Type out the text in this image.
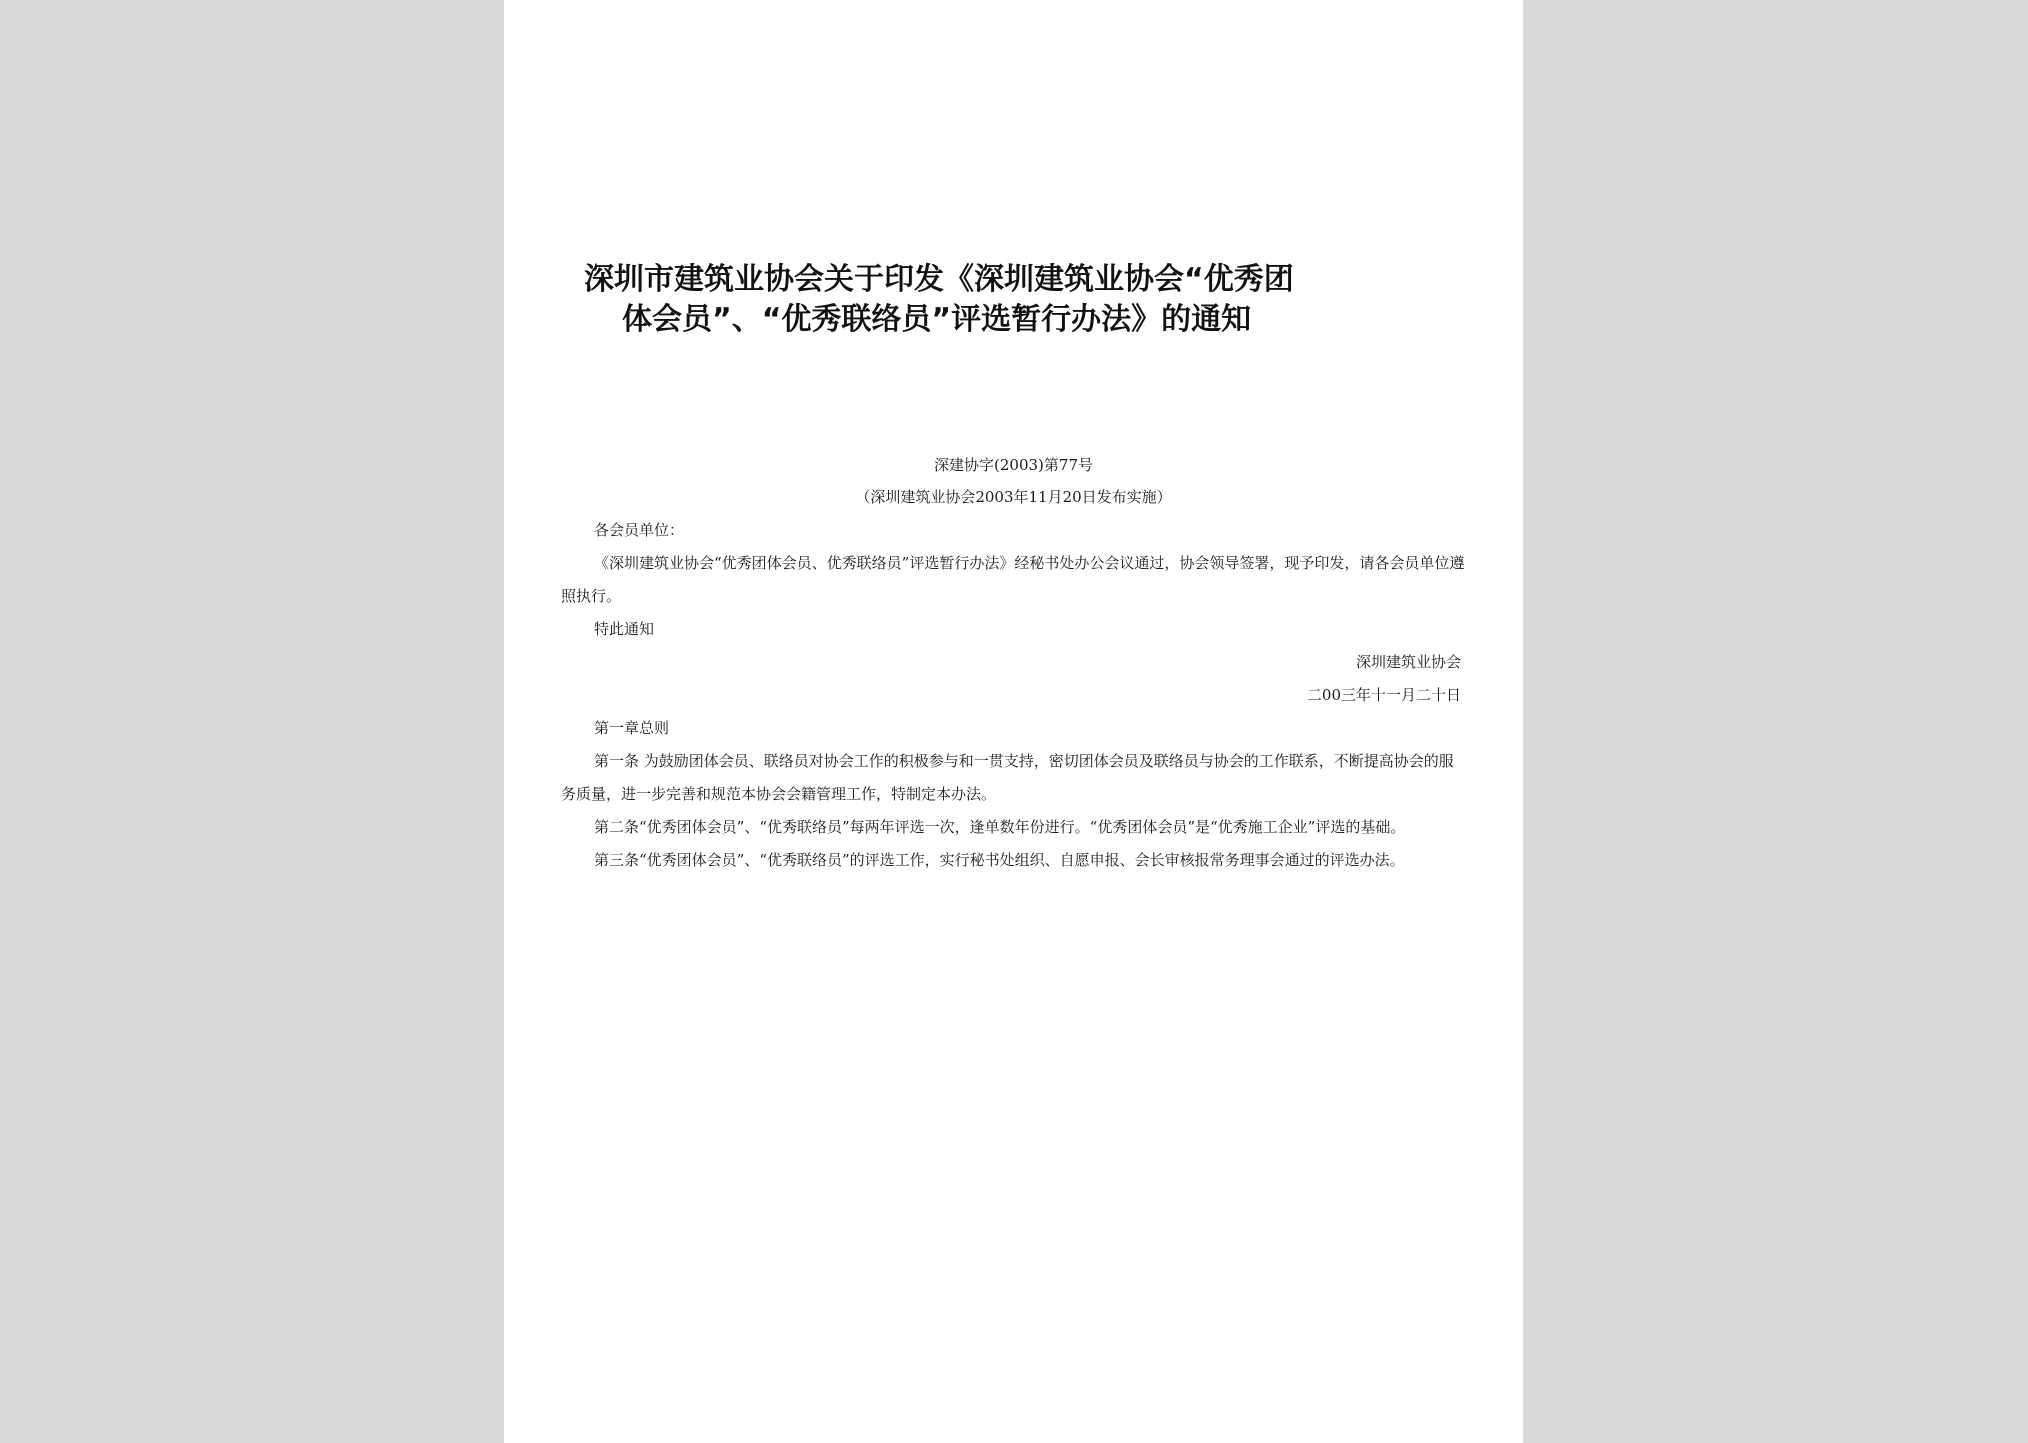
深圳市建筑业协会关于印发《深圳建筑业协会“优秀团
体会员”、“优秀联络员”评选暂行办法》的通知
深建协字(2003)第77号
（深圳建筑业协会2003年11月20日发布实施）

各会员单位：

《深圳建筑业协会“优秀团体会员、优秀联络员”评选暂行办法》经秘书处办公会议通过，协会领导签署，现予印发，请各会员单位遵照执行。

特此通知

深圳建筑业协会

二00三年十一月二十日

第一章总则

第一条 为鼓励团体会员、联络员对协会工作的积极参与和一贯支持，密切团体会员及联络员与协会的工作联系，不断提高协会的服务质量，进一步完善和规范本协会会籍管理工作，特制定本办法。

第二条“优秀团体会员”、“优秀联络员”每两年评选一次，逢单数年份进行。“优秀团体会员”是“优秀施工企业”评选的基础。

第三条“优秀团体会员”、“优秀联络员”的评选工作，实行秘书处组织、自愿申报、会长审核报常务理事会通过的评选办法。
